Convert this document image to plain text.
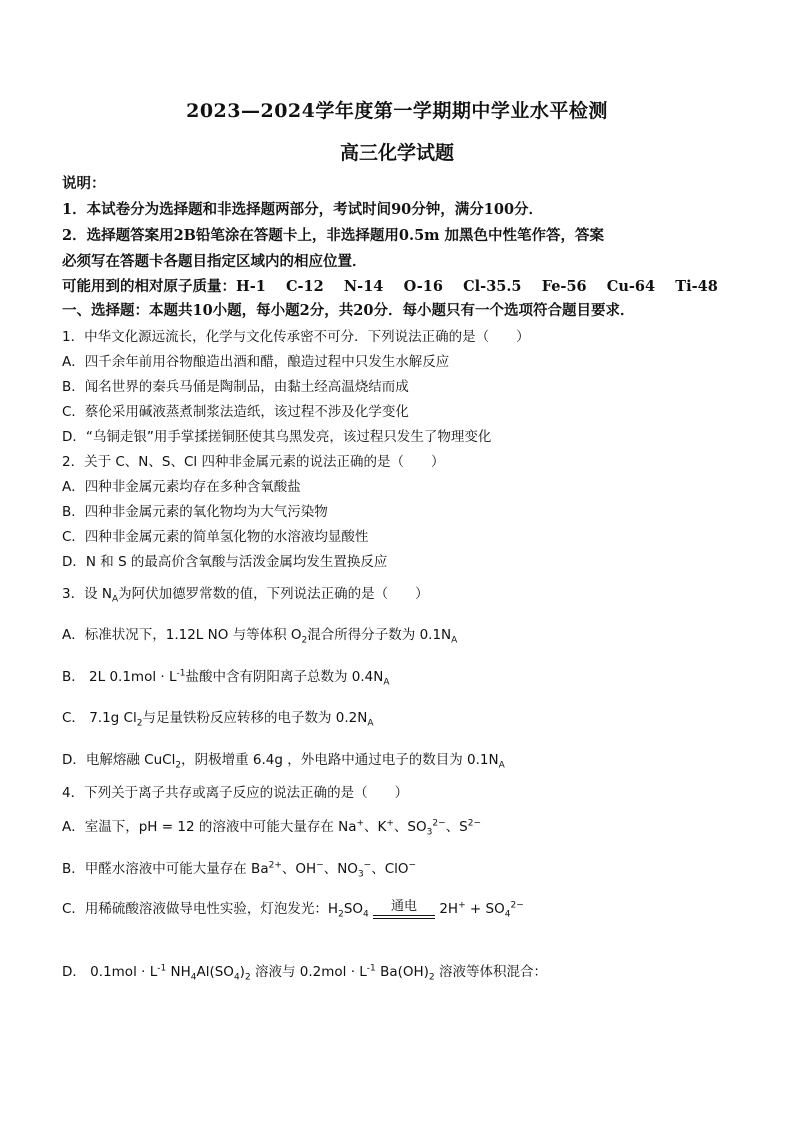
2023—2024学年度第一学期期中学业水平检测
高三化学试题
说明：
1．本试卷分为选择题和非选择题两部分，考试时间90分钟，满分100分．
2．选择题答案用2B铅笔涂在答题卡上，非选择题用0.5m 加黑色中性笔作答，答案
必须写在答题卡各题目指定区域内的相应位置．
可能用到的相对原子质量：H-1    C-12    N-14    O-16    Cl-35.5    Fe-56    Cu-64    Ti-48
一、选择题：本题共10小题，每小题2分，共20分．每小题只有一个选项符合题目要求．
1．中华文化源远流长，化学与文化传承密不可分．下列说法正确的是（　　）
A．四千余年前用谷物酿造出酒和醋，酿造过程中只发生水解反应
B．闻名世界的秦兵马俑是陶制品，由黏土经高温烧结而成
C．蔡伦采用碱液蒸煮制浆法造纸，该过程不涉及化学变化
D．“乌铜走银”用手掌揉搓铜胚使其乌黑发亮，该过程只发生了物理变化
2．关于 C、N、S、Cl 四种非金属元素的说法正确的是（　　）
A．四种非金属元素均存在多种含氧酸盐
B．四种非金属元素的氧化物均为大气污染物
C．四种非金属元素的简单氢化物的水溶液均显酸性
D．N 和 S 的最高价含氧酸与活泼金属均发生置换反应
3．设 $N_A$为阿伏加德罗常数的值，下列说法正确的是（　　）
A．标准状况下，1.12L NO 与等体积 $O_2$混合所得分子数为 $0.1N_A$
B． 2L $0.1mol \cdot L^{-1}$盐酸中含有阴阳离子总数为 $0.4N_A$
C． 7.1g $Cl_2$与足量铁粉反应转移的电子数为 $0.2N_A$
D．电解熔融 CuCl$_2$，阴极增重 6.4g ，外电路中通过电子的数目为 $0.1N_A$
4．下列关于离子共存或离子反应的说法正确的是（　　）
A．室温下，pH = 12 的溶液中可能大量存在 Na+、K+、$SO_3^{2-}$、$S^{2-}$
B．甲醛水溶液中可能大量存在 $Ba^{2+}$、OH−、$NO_3^-$、ClO−
C．用稀硫酸溶液做导电性实验，灯泡发光：$H_2SO_4$
通电	$2H^+ + SO_4^{2-}$
D． $0.1mol \cdot L^{-1}$ $NH_4Al(SO_4)_2$ 溶液与 $0.2mol \cdot L^{-1}$ $Ba(OH)_2$ 溶液等体积混合：
